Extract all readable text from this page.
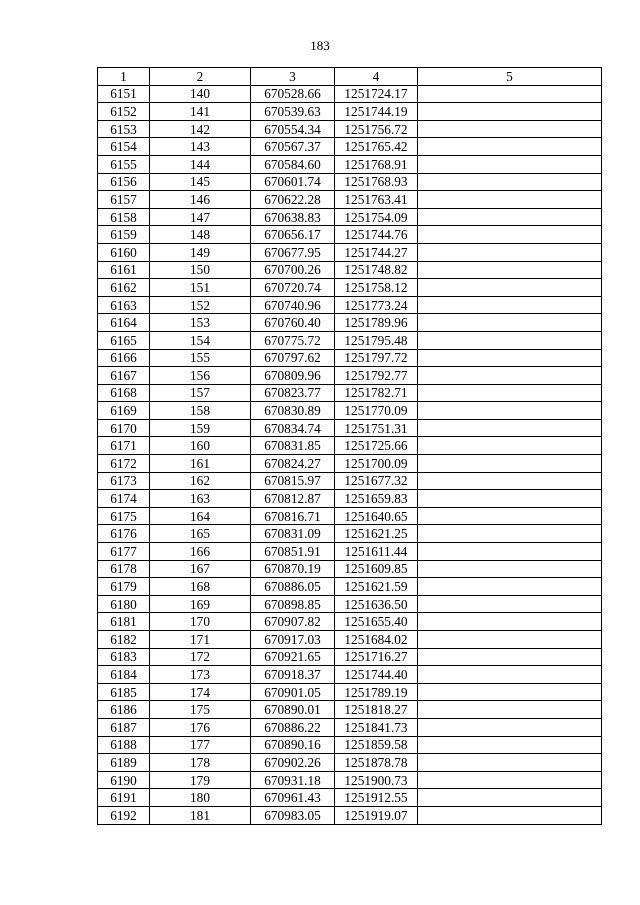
183
1	2	3	4	5
6151	140	670528.66	1251724.17	
6152	141	670539.63	1251744.19	
6153	142	670554.34	1251756.72	
6154	143	670567.37	1251765.42	
6155	144	670584.60	1251768.91	
6156	145	670601.74	1251768.93	
6157	146	670622.28	1251763.41	
6158	147	670638.83	1251754.09	
6159	148	670656.17	1251744.76	
6160	149	670677.95	1251744.27	
6161	150	670700.26	1251748.82	
6162	151	670720.74	1251758.12	
6163	152	670740.96	1251773.24	
6164	153	670760.40	1251789.96	
6165	154	670775.72	1251795.48	
6166	155	670797.62	1251797.72	
6167	156	670809.96	1251792.77	
6168	157	670823.77	1251782.71	
6169	158	670830.89	1251770.09	
6170	159	670834.74	1251751.31	
6171	160	670831.85	1251725.66	
6172	161	670824.27	1251700.09	
6173	162	670815.97	1251677.32	
6174	163	670812.87	1251659.83	
6175	164	670816.71	1251640.65	
6176	165	670831.09	1251621.25	
6177	166	670851.91	1251611.44	
6178	167	670870.19	1251609.85	
6179	168	670886.05	1251621.59	
6180	169	670898.85	1251636.50	
6181	170	670907.82	1251655.40	
6182	171	670917.03	1251684.02	
6183	172	670921.65	1251716.27	
6184	173	670918.37	1251744.40	
6185	174	670901.05	1251789.19	
6186	175	670890.01	1251818.27	
6187	176	670886.22	1251841.73	
6188	177	670890.16	1251859.58	
6189	178	670902.26	1251878.78	
6190	179	670931.18	1251900.73	
6191	180	670961.43	1251912.55	
6192	181	670983.05	1251919.07	
